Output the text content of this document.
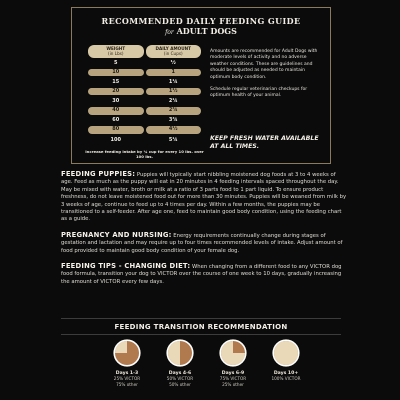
RECOMMENDED DAILY FEEDING GUIDE
for ADULT DOGS
WEIGHT
(in Lbs)
DAILY AMOUNT
(in Cups)
5	½
10	1
15	1¼
20	1½
30	2¼
40	2¾
60	3¾
80	4½
100	5¼
Increase feeding intake by ¼ cup for every 10 lbs. over 100 lbs.

Amounts are recommended for Adult Dogs with moderate levels of activity and no adverse weather conditions. These are guidelines and should be adjusted as needed to maintain optimum body condition.

Schedule regular veterinarian checkups for optimum health of your animal.

KEEP FRESH WATER AVAILABLE AT ALL TIMES.
FEEDING PUPPIES: Puppies will typically start nibbling moistened dog foods at 3 to 4 weeks of age. Feed as much as the puppy will eat in 20 minutes in 4 feeding intervals spaced throughout the day. May be mixed with water, broth or milk at a ratio of 3 parts food to 1 part liquid. To ensure product freshness, do not leave moistened food out for more than 30 minutes. Puppies will be weaned from milk by 3 weeks of age, continue to feed up to 4 times per day. Within a few months, the puppies may be transitioned to a self-feeder. After age one, feed to maintain good body condition, using the feeding chart as a guide.
PREGNANCY AND NURSING: Energy requirements continually change during stages of gestation and lactation and may require up to four times recommended levels of intake. Adjust amount of food provided to maintain good body condition of your female dog.
FEEDING TIPS - CHANGING DIET: When changing from a different food to any VICTOR dog food formula, transition your dog to VICTOR over the course of one week to 10 days, gradually increasing the amount of VICTOR every few days.
FEEDING TRANSITION RECOMMENDATION
Days 1-3
25% VICTOR
75% other
Days 4-6
50% VICTOR
50% other
Days 6-9
75% VICTOR
25% other
Days 10+
100% VICTOR
